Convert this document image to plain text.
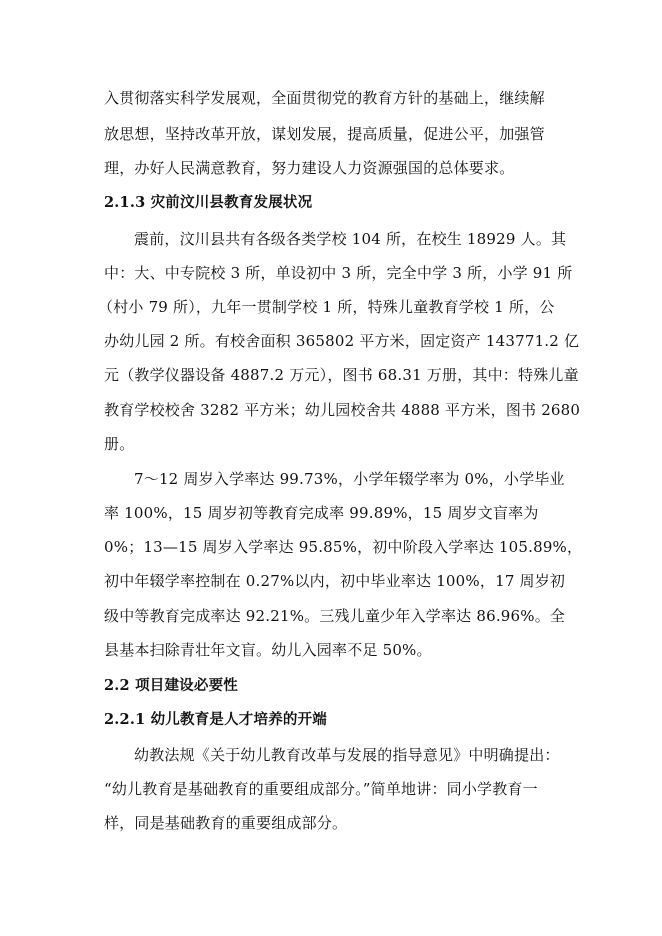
入贯彻落实科学发展观，全面贯彻党的教育方针的基础上，继续解
放思想，坚持改革开放，谋划发展，提高质量，促进公平，加强管
理，办好人民满意教育，努力建设人力资源强国的总体要求。
2.1.3 灾前汶川县教育发展状况
震前，汶川县共有各级各类学校 104 所，在校生 18929 人。其
中：大、中专院校 3 所，单设初中 3 所，完全中学 3 所，小学 91 所
（村小 79 所），九年一贯制学校 1 所，特殊儿童教育学校 1 所，公
办幼儿园 2 所。有校舍面积 365802 平方米，固定资产 143771.2 亿
元（教学仪器设备 4887.2 万元），图书 68.31 万册，其中：特殊儿童
教育学校校舍 3282 平方米；幼儿园校舍共 4888 平方米，图书 2680
册。
7～12 周岁入学率达 99.73%，小学年辍学率为 0%，小学毕业
率 100%，15 周岁初等教育完成率 99.89%，15 周岁文盲率为
0%；13—15 周岁入学率达 95.85%，初中阶段入学率达 105.89%，
初中年辍学率控制在 0.27%以内，初中毕业率达 100%，17 周岁初
级中等教育完成率达 92.21%。三残儿童少年入学率达 86.96%。全
县基本扫除青壮年文盲。幼儿入园率不足 50%。
2.2 项目建设必要性
2.2.1 幼儿教育是人才培养的开端
幼教法规《关于幼儿教育改革与发展的指导意见》中明确提出：
“幼儿教育是基础教育的重要组成部分。”简单地讲：同小学教育一
样，同是基础教育的重要组成部分。
